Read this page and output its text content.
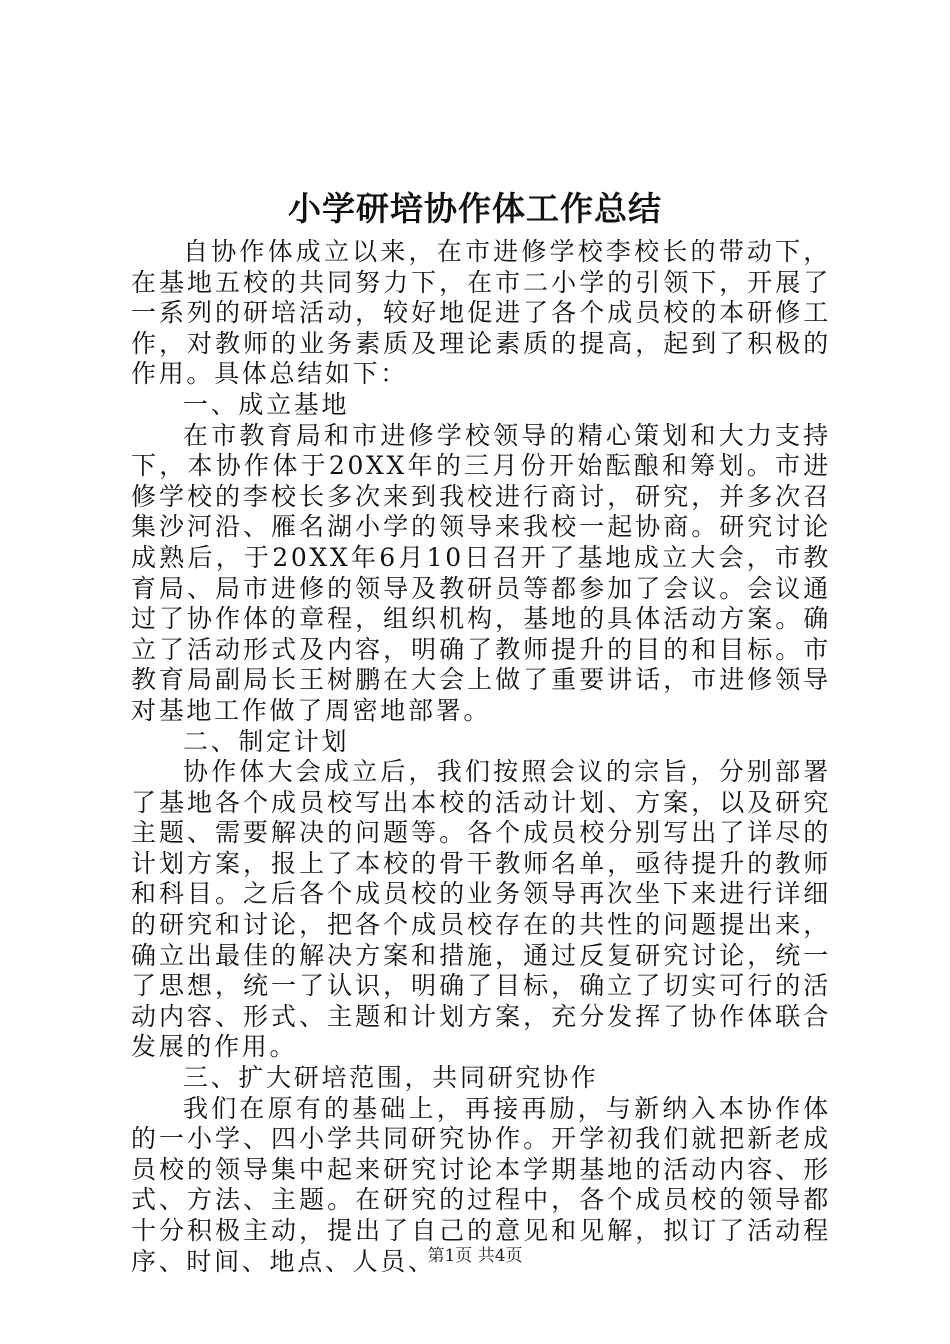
小学研培协作体工作总结

自协作体成立以来，在市进修学校李校长的带动下，在基地五校的共同努力下，在市二小学的引领下，开展了一系列的研培活动，较好地促进了各个成员校的本研修工作，对教师的业务素质及理论素质的提高，起到了积极的作用。具体总结如下：

一、成立基地

在市教育局和市进修学校领导的精心策划和大力支持下，本协作体于20XX年的三月份开始酝酿和筹划。市进修学校的李校长多次来到我校进行商讨，研究，并多次召集沙河沿、雁名湖小学的领导来我校一起协商。研究讨论成熟后，于20XX年6月10日召开了基地成立大会，市教育局、局市进修的领导及教研员等都参加了会议。会议通过了协作体的章程，组织机构，基地的具体活动方案。确立了活动形式及内容，明确了教师提升的目的和目标。市教育局副局长王树鹏在大会上做了重要讲话，市进修领导对基地工作做了周密地部署。

二、制定计划

协作体大会成立后，我们按照会议的宗旨，分别部署了基地各个成员校写出本校的活动计划、方案，以及研究主题、需要解决的问题等。各个成员校分别写出了详尽的计划方案，报上了本校的骨干教师名单，亟待提升的教师和科目。之后各个成员校的业务领导再次坐下来进行详细的研究和讨论，把各个成员校存在的共性的问题提出来，确立出最佳的解决方案和措施，通过反复研究讨论，统一了思想，统一了认识，明确了目标，确立了切实可行的活动内容、形式、主题和计划方案，充分发挥了协作体联合发展的作用。

三、扩大研培范围，共同研究协作

我们在原有的基础上，再接再励，与新纳入本协作体的一小学、四小学共同研究协作。开学初我们就把新老成员校的领导集中起来研究讨论本学期基地的活动内容、形式、方法、主题。在研究的过程中，各个成员校的领导都十分积极主动，提出了自己的意见和见解，拟订了活动程序、时间、地点、人员、

第1页 共4页
